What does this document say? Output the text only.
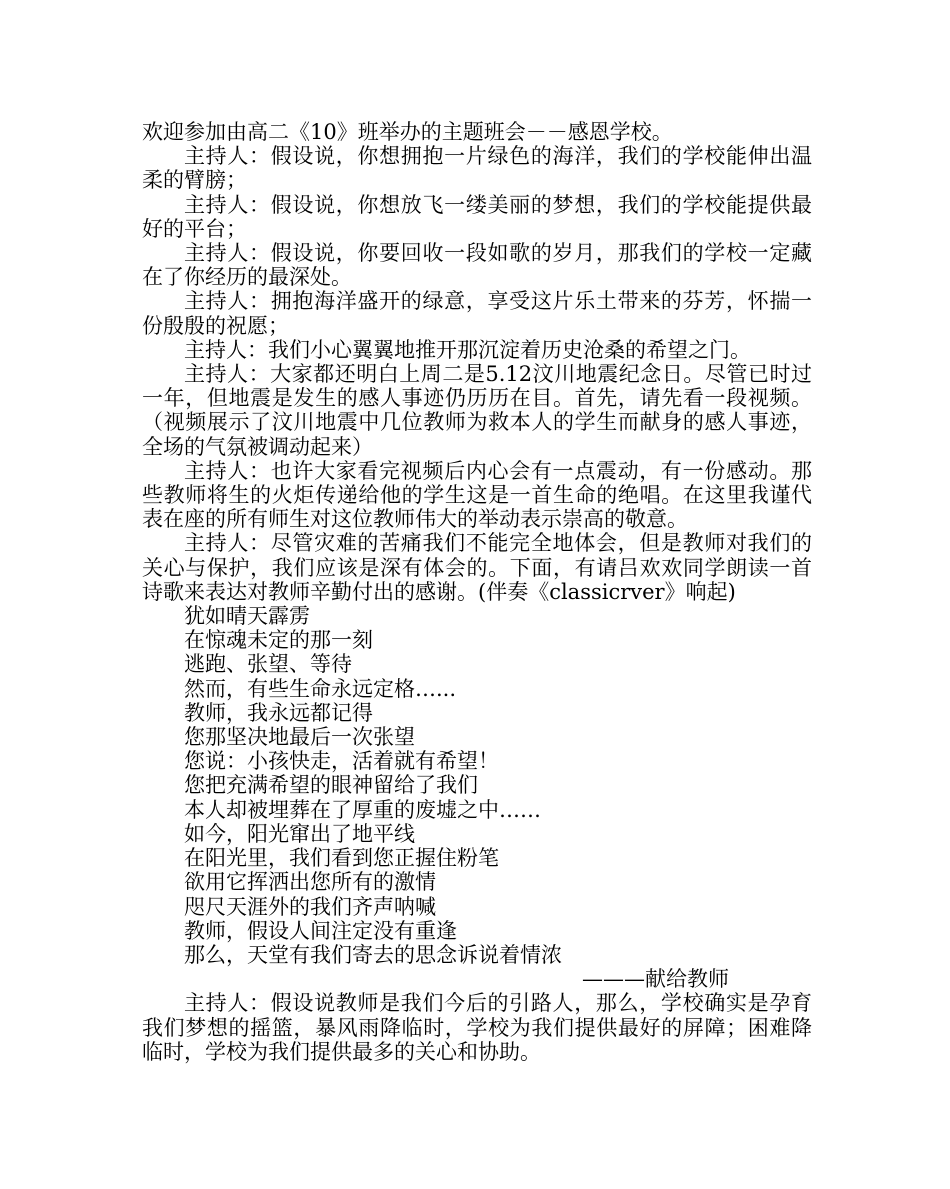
欢迎参加由高二《10》班举办的主题班会－－感恩学校。

主持人：假设说，你想拥抱一片绿色的海洋，我们的学校能伸出温柔的臂膀；

主持人：假设说，你想放飞一缕美丽的梦想，我们的学校能提供最好的平台；

主持人：假设说，你要回收一段如歌的岁月，那我们的学校一定藏在了你经历的最深处。

主持人：拥抱海洋盛开的绿意，享受这片乐土带来的芬芳，怀揣一份殷殷的祝愿；

主持人：我们小心翼翼地推开那沉淀着历史沧桑的希望之门。

主持人：大家都还明白上周二是5.12汶川地震纪念日。尽管已时过一年，但地震是发生的感人事迹仍历历在目。首先，请先看一段视频。（视频展示了汶川地震中几位教师为救本人的学生而献身的感人事迹，全场的气氛被调动起来）

主持人：也许大家看完视频后内心会有一点震动，有一份感动。那些教师将生的火炬传递给他的学生这是一首生命的绝唱。在这里我谨代表在座的所有师生对这位教师伟大的举动表示崇高的敬意。

主持人：尽管灾难的苦痛我们不能完全地体会，但是教师对我们的关心与保护，我们应该是深有体会的。下面，有请吕欢欢同学朗读一首诗歌来表达对教师辛勤付出的感谢。(伴奏《classicrver》响起)

犹如晴天霹雳

在惊魂未定的那一刻

逃跑、张望、等待

然而，有些生命永远定格…...

教师，我永远都记得

您那坚决地最后一次张望

您说：小孩快走，活着就有希望！

您把充满希望的眼神留给了我们

本人却被埋葬在了厚重的废墟之中……

如今，阳光窜出了地平线

在阳光里，我们看到您正握住粉笔

欲用它挥洒出您所有的激情

咫尺天涯外的我们齐声呐喊

教师，假设人间注定没有重逢

那么，天堂有我们寄去的思念诉说着情浓

———献给教师

主持人：假设说教师是我们今后的引路人，那么，学校确实是孕育我们梦想的摇篮，暴风雨降临时，学校为我们提供最好的屏障；困难降临时，学校为我们提供最多的关心和协助。
